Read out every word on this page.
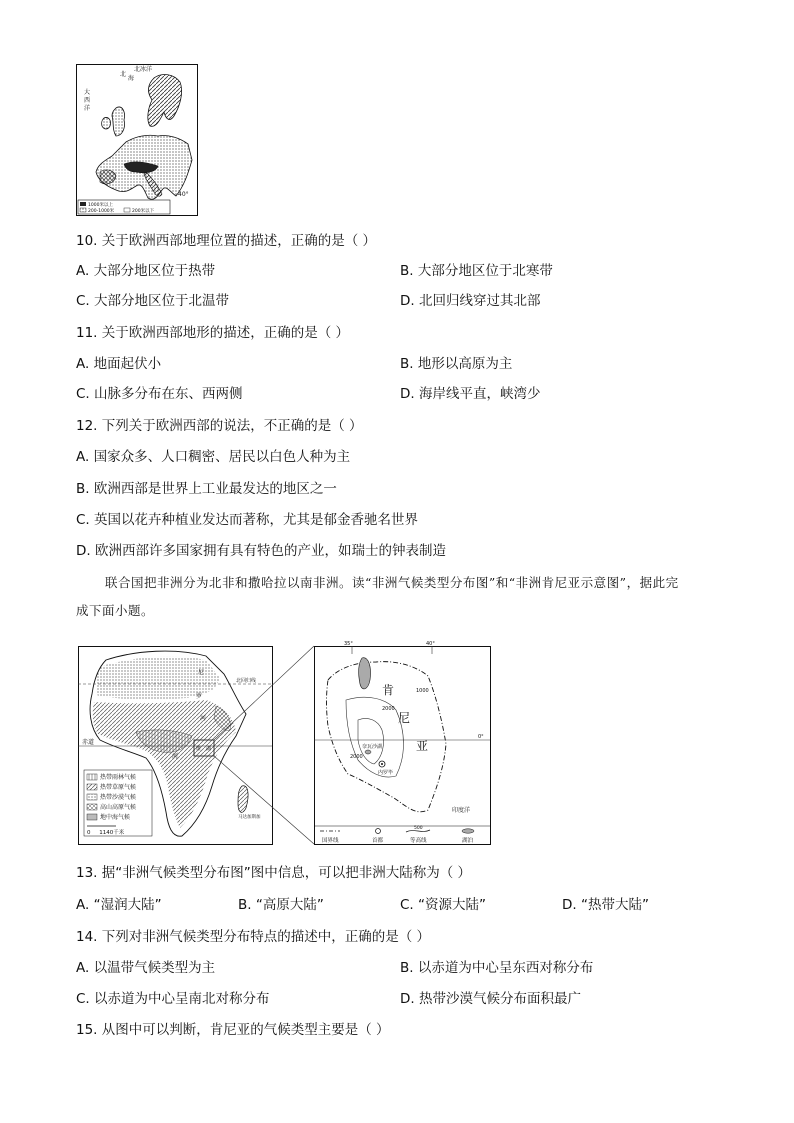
北冰洋
北
海
大
西
洋
40°
1000米以上
200-1000米	200米以下
10. 关于欧洲西部地理位置的描述，正确的是（ ）
A. 大部分地区位于热带	B. 大部分地区位于北寒带
C. 大部分地区位于北温带	D. 北回归线穿过其北部
11. 关于欧洲西部地形的描述，正确的是（ ）
A. 地面起伏小	B. 地形以高原为主
C. 山脉多分布在东、西两侧	D. 海岸线平直，峡湾少
12. 下列关于欧洲西部的说法，不正确的是（ ）
A. 国家众多、人口稠密、居民以白色人种为主
B. 欧洲西部是世界上工业最发达的地区之一
C. 英国以花卉种植业发达而著称，尤其是郁金香驰名世界
D. 欧洲西部许多国家拥有具有特色的产业，如瑞士的钟表制造
联合国把非洲分为北非和撒哈拉以南非洲。读“非洲气候类型分布图”和“非洲肯尼亚示意图”，据此完
成下面小题。
北回归线
赤道
尼
罗
河
河
维 湖
马达加斯加
热带雨林气候
热带草原气候
热带沙漠气候
高山高原气候
地中海气候
0     1140千米
35°	40°
0°
肯
尼
亚
2000
1000
2000
奈瓦沙湖
内罗毕
印度洋
国界线	首都
500
等高线	湖泊
13. 据“非洲气候类型分布图”图中信息，可以把非洲大陆称为（ ）
A. “湿润大陆”	B. “高原大陆”	C. “资源大陆”	D. “热带大陆”
14. 下列对非洲气候类型分布特点的描述中，正确的是（ ）
A. 以温带气候类型为主	B. 以赤道为中心呈东西对称分布
C. 以赤道为中心呈南北对称分布	D. 热带沙漠气候分布面积最广
15. 从图中可以判断，肯尼亚的气候类型主要是（ ）
